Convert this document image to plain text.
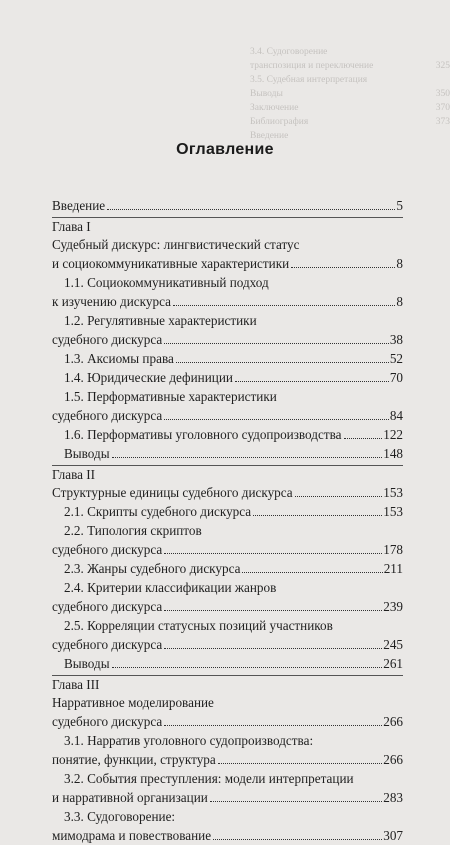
3.4. Судоговорение
транспозиция и переключение	325
3.5. Судебная интерпретация
Выводы	350
Заключение	370
Библиография	373
Введение
Оглавление
Введение	5
Глава I
Судебный дискурс: лингвистический статус
и социокоммуникативные характеристики	8
1.1. Социокоммуникативный подход
к изучению дискурса	8
1.2. Регулятивные характеристики
судебного дискурса	38
1.3. Аксиомы права	52
1.4. Юридические дефиниции	70
1.5. Перформативные характеристики
судебного дискурса	84
1.6. Перформативы уголовного судопроизводства	122
Выводы	148
Глава II
Структурные единицы судебного дискурса	153
2.1. Скрипты судебного дискурса	153
2.2. Типология скриптов
судебного дискурса	178
2.3. Жанры судебного дискурса	211
2.4. Критерии классификации жанров
судебного дискурса	239
2.5. Корреляции статусных позиций участников
судебного дискурса	245
Выводы	261
Глава III
Нарративное моделирование
судебного дискурса	266
3.1. Нарратив уголовного судопроизводства:
понятие, функции, структура	266
3.2. События преступления: модели интерпретации
и нарративной организации	283
3.3. Судоговорение:
мимодрама и повествование	307
